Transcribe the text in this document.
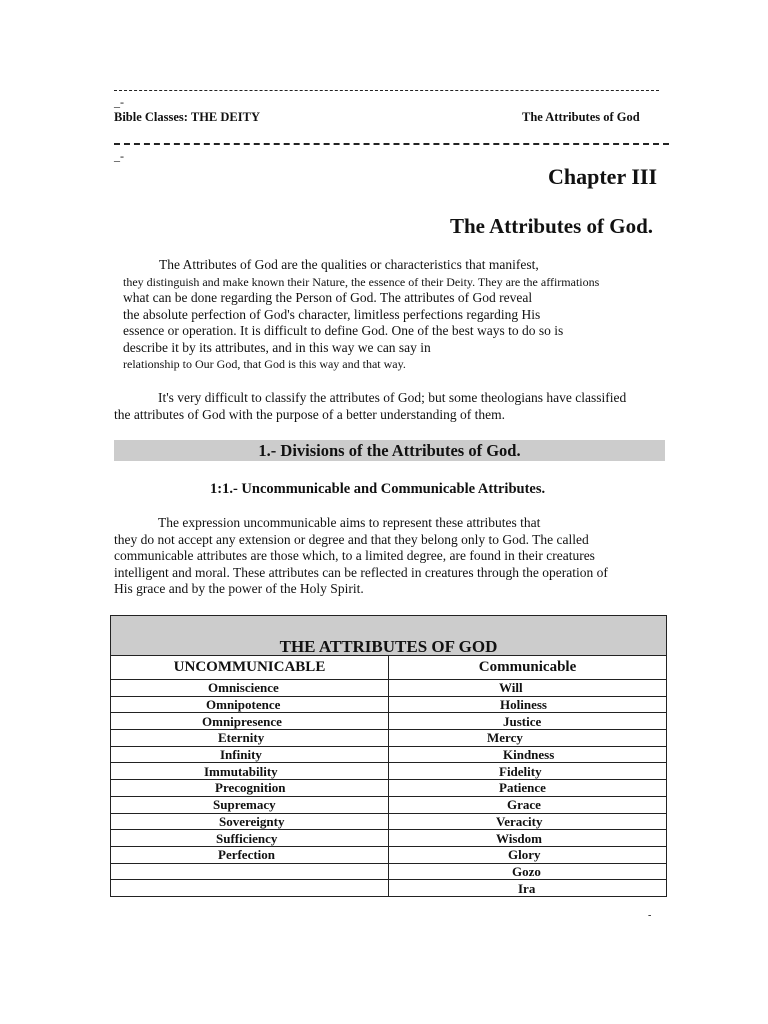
_-
Bible Classes: THE DEITY	The Attributes of God
_-
Chapter III
The Attributes of God.
The Attributes of God are the qualities or characteristics that manifest,
they distinguish and make known their Nature, the essence of their Deity. They are the affirmations
what can be done regarding the Person of God. The attributes of God reveal
the absolute perfection of God's character, limitless perfections regarding His
essence or operation. It is difficult to define God. One of the best ways to do so is
describe it by its attributes, and in this way we can say in
relationship to Our God, that God is this way and that way.
It's very difficult to classify the attributes of God; but some theologians have classified
the attributes of God with the purpose of a better understanding of them.
1.- Divisions of the Attributes of God.
1:1.- Uncommunicable and Communicable Attributes.
The expression uncommunicable aims to represent these attributes that
they do not accept any extension or degree and that they belong only to God. The called
communicable attributes are those which, to a limited degree, are found in their creatures
intelligent and moral. These attributes can be reflected in creatures through the operation of
His grace and by the power of the Holy Spirit.
THE ATTRIBUTES OF GOD	
UNCOMMUNICABLE	Communicable
Omniscience	Will
Omnipotence	Holiness
Omnipresence	Justice
Eternity	Mercy
Infinity	Kindness
Immutability	Fidelity
Precognition	Patience
Supremacy	Grace
Sovereignty	Veracity
Sufficiency	Wisdom
Perfection	Glory
	Gozo
	Ira
-
